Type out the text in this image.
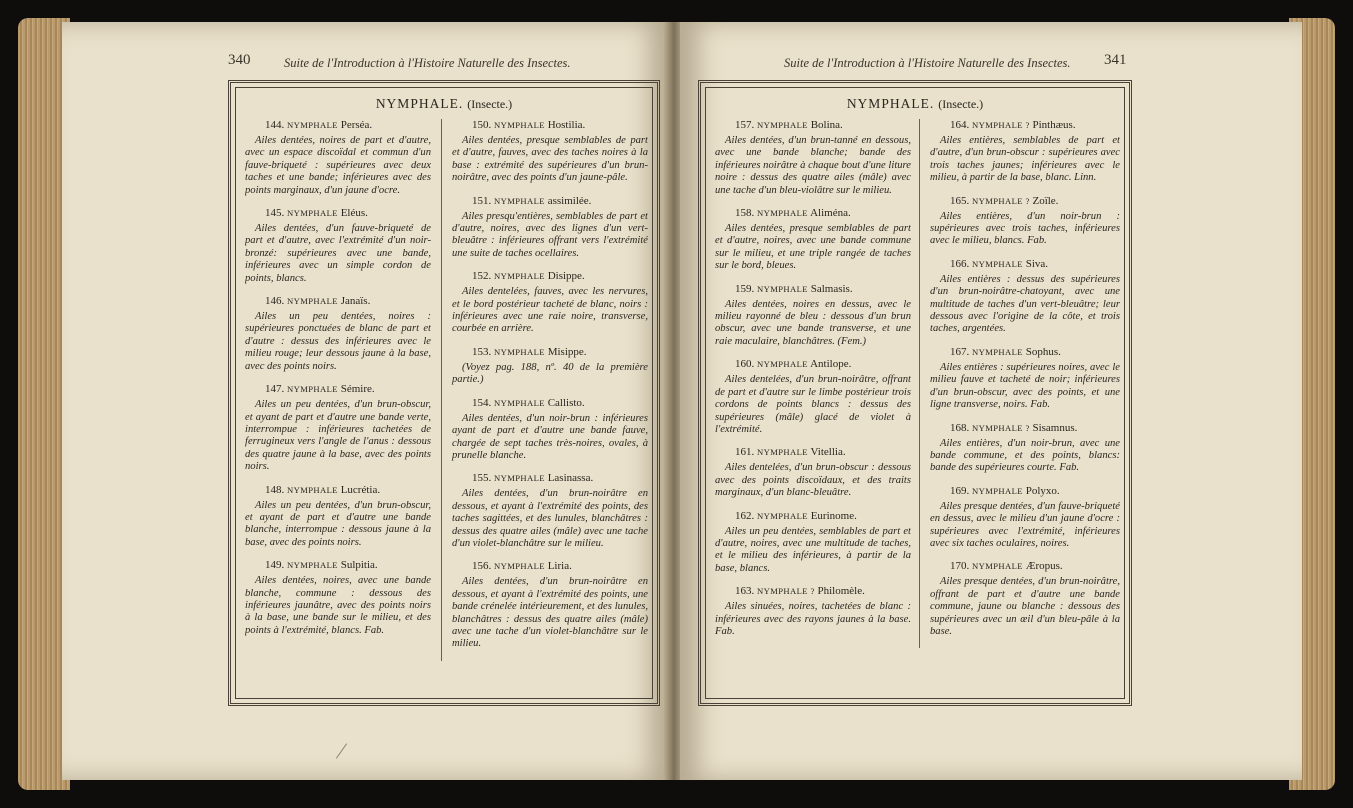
340	Suite de l'Introduction à l'Histoire Naturelle des Insectes.
NYMPHALE. (Insecte.)
144. NYMPHALE Perséa.

Ailes dentées, noires de part et d'autre, avec un espace discoïdal et commun d'un fauve-briqueté : supérieures avec deux taches et une bande; inférieures avec des points marginaux, d'un jaune d'ocre.

145. NYMPHALE Eléus.

Ailes dentées, d'un fauve-briqueté de part et d'autre, avec l'extrémité d'un noir-bronzé: supérieures avec une bande, inférieures avec un simple cordon de points, blancs.

146. NYMPHALE Janaïs.

Ailes un peu dentées, noires : supérieures ponctuées de blanc de part et d'autre : dessus des inférieures avec le milieu rouge; leur dessous jaune à la base, avec des points noirs.

147. NYMPHALE Sémire.

Ailes un peu dentées, d'un brun-obscur, et ayant de part et d'autre une bande verte, interrompue : inférieures tachetées de ferrugineux vers l'angle de l'anus : dessous des quatre jaune à la base, avec des points noirs.

148. NYMPHALE Lucrétia.

Ailes un peu dentées, d'un brun-obscur, et ayant de part et d'autre une bande blanche, interrompue : dessous jaune à la base, avec des points noirs.

149. NYMPHALE Sulpitia.

Ailes dentées, noires, avec une bande blanche, commune : dessous des inférieures jaunâtre, avec des points noirs à la base, une bande sur le milieu, et des points à l'extrémité, blancs. Fab.

150. NYMPHALE Hostilia.

Ailes dentées, presque semblables de part et d'autre, fauves, avec des taches noires à la base : extrémité des supérieures d'un brun-noirâtre, avec des points d'un jaune-pâle.

151. NYMPHALE assimilée.

Ailes presqu'entières, semblables de part et d'autre, noires, avec des lignes d'un vert-bleuâtre : inférieures offrant vers l'extrémité une suite de taches ocellaires.

152. NYMPHALE Disippe.

Ailes dentelées, fauves, avec les nervures, et le bord postérieur tacheté de blanc, noirs : inférieures avec une raie noire, transverse, courbée en arrière.

153. NYMPHALE Misippe.

(Voyez pag. 188, nº. 40 de la première partie.)

154. NYMPHALE Callisto.

Ailes dentées, d'un noir-brun : inférieures ayant de part et d'autre une bande fauve, chargée de sept taches très-noires, ovales, à prunelle blanche.

155. NYMPHALE Lasinassa.

Ailes dentées, d'un brun-noirâtre en dessous, et ayant à l'extrémité des points, des taches sagittées, et des lunules, blanchâtres : dessus des quatre ailes (mâle) avec une tache d'un violet-blanchâtre sur le milieu.

156. NYMPHALE Liria.

Ailes dentées, d'un brun-noirâtre en dessous, et ayant à l'extrémité des points, une bande crénelée intérieurement, et des lunules, blanchâtres : dessus des quatre ailes (mâle) avec une tache d'un violet-blanchâtre sur le milieu.

Suite de l'Introduction à l'Histoire Naturelle des Insectes. 341
NYMPHALE. (Insecte.)
157. NYMPHALE Bolina.

Ailes dentées, d'un brun-tanné en dessous, avec une bande blanche; bande des inférieures noirâtre à chaque bout d'une liture noire : dessus des quatre ailes (mâle) avec une tache d'un bleu-violâtre sur le milieu.

158. NYMPHALE Aliména.

Ailes dentées, presque semblables de part et d'autre, noires, avec une bande commune sur le milieu, et une triple rangée de taches sur le bord, bleues.

159. NYMPHALE Salmasis.

Ailes dentées, noires en dessus, avec le milieu rayonné de bleu : dessous d'un brun obscur, avec une bande transverse, et une raie maculaire, blanchâtres. (Fem.)

160. NYMPHALE Antilope.

Ailes dentelées, d'un brun-noirâtre, offrant de part et d'autre sur le limbe postérieur trois cordons de points blancs : dessus des supérieures (mâle) glacé de violet à l'extrémité.

161. NYMPHALE Vitellia.

Ailes dentelées, d'un brun-obscur : dessous avec des points discoïdaux, et des traits marginaux, d'un blanc-bleuâtre.

162. NYMPHALE Eurinome.

Ailes un peu dentées, semblables de part et d'autre, noires, avec une multitude de taches, et le milieu des inférieures, à partir de la base, blancs.

163. NYMPHALE ? Philomèle.

Ailes sinuées, noires, tachetées de blanc : inférieures avec des rayons jaunes à la base. Fab.

164. NYMPHALE ? Pinthæus.

Ailes entières, semblables de part et d'autre, d'un brun-obscur : supérieures avec trois taches jaunes; inférieures avec le milieu, à partir de la base, blanc. Linn.

165. NYMPHALE ? Zoïle.

Ailes entières, d'un noir-brun : supérieures avec trois taches, inférieures avec le milieu, blancs. Fab.

166. NYMPHALE Siva.

Ailes entières : dessus des supérieures d'un brun-noirâtre-chatoyant, avec une multitude de taches d'un vert-bleuâtre; leur dessous avec l'origine de la côte, et trois taches, argentées.

167. NYMPHALE Sophus.

Ailes entières : supérieures noires, avec le milieu fauve et tacheté de noir; inférieures d'un brun-obscur, avec des points, et une ligne transverse, noirs. Fab.

168. NYMPHALE ? Sisamnus.

Ailes entières, d'un noir-brun, avec une bande commune, et des points, blancs: bande des supérieures courte. Fab.

169. NYMPHALE Polyxo.

Ailes presque dentées, d'un fauve-briqueté en dessus, avec le milieu d'un jaune d'ocre : supérieures avec l'extrémité, inférieures avec six taches oculaires, noires.

170. NYMPHALE Æropus.

Ailes presque dentées, d'un brun-noirâtre, offrant de part et d'autre une bande commune, jaune ou blanche : dessous des supérieures avec un œil d'un bleu-pâle à la base.
